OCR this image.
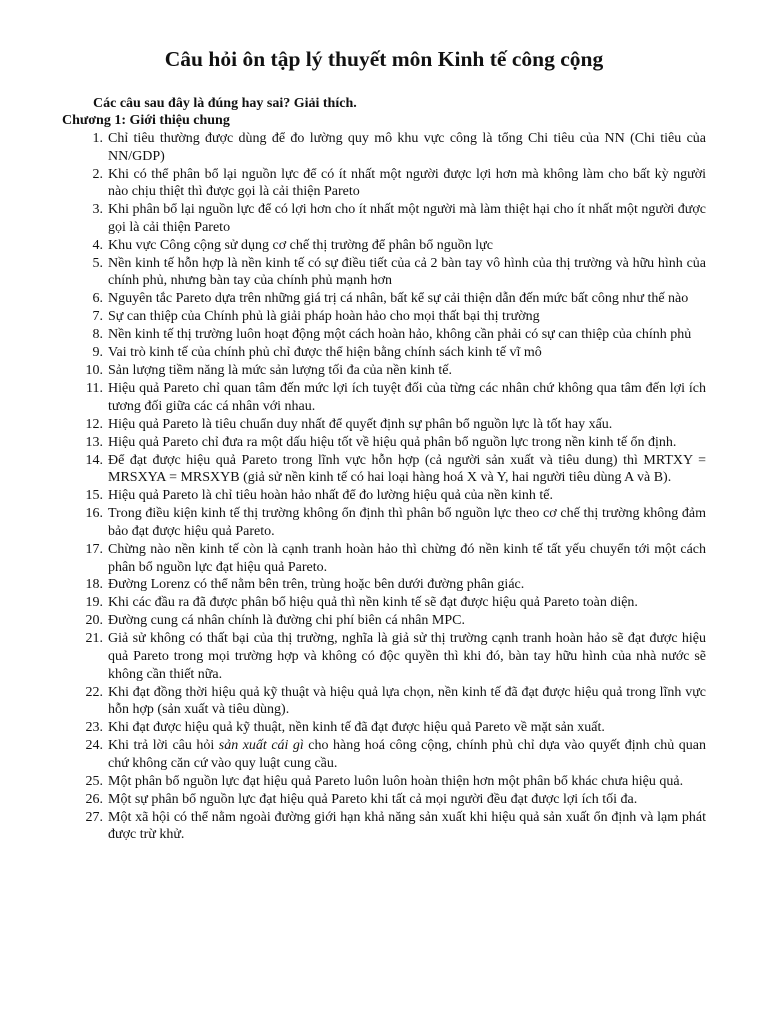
Câu hỏi ôn tập lý thuyết môn Kinh tế công cộng
Các câu sau đây là đúng hay sai? Giải thích.
Chương 1: Giới thiệu chung
1. Chỉ tiêu thường được dùng để đo lường quy mô khu vực công là tổng Chi tiêu của NN (Chi tiêu của NN/GDP)
2. Khi có thể phân bổ lại nguồn lực để có ít nhất một người được lợi hơn mà không làm cho bất kỳ người nào chịu thiệt thì được gọi là cải thiện Pareto
3. Khi phân bổ lại nguồn lực để có lợi hơn cho ít nhất một người mà làm thiệt hại cho ít nhất một người được gọi là cải thiện Pareto
4. Khu vực Công cộng sử dụng cơ chế thị trường để phân bổ nguồn lực
5. Nền kinh tế hỗn hợp là nền kinh tế có sự điều tiết của cả 2 bàn tay vô hình của thị trường và hữu hình của chính phủ, nhưng bàn tay của chính phủ mạnh hơn
6. Nguyên tắc Pareto dựa trên những giá trị cá nhân, bất kể sự cải thiện dẫn đến mức bất công như thế nào
7. Sự can thiệp của Chính phủ là giải pháp hoàn hảo cho mọi thất bại thị trường
8. Nền kinh tế thị trường luôn hoạt động một cách hoàn hảo, không cần phải có sự can thiệp của chính phủ
9. Vai trò kinh tế của chính phủ chỉ được thể hiện bằng chính sách kinh tế vĩ mô
10. Sản lượng tiềm năng là mức sản lượng tối đa của nền kinh tế.
11. Hiệu quả Pareto chỉ quan tâm đến mức lợi ích tuyệt đối của từng các nhân chứ không qua tâm đến lợi ích tương đối giữa các cá nhân với nhau.
12. Hiệu quả Pareto là tiêu chuẩn duy nhất để quyết định sự phân bổ nguồn lực là tốt hay xấu.
13. Hiệu quả Pareto chỉ đưa ra một dấu hiệu tốt về hiệu quả phân bổ nguồn lực trong nền kinh tế ổn định.
14. Để đạt được hiệu quả Pareto trong lĩnh vực hỗn hợp (cả người sản xuất và tiêu dung) thì MRTXY = MRSXYA = MRSXYB (giả sử nền kinh tế có hai loại hàng hoá X và Y, hai người tiêu dùng A và B).
15. Hiệu quả Pareto là chỉ tiêu hoàn hảo nhất để đo lường hiệu quả của nền kinh tế.
16. Trong điều kiện kinh tế thị trường không ổn định thì phân bổ nguồn lực theo cơ chế thị trường không đảm bảo đạt được hiệu quả Pareto.
17. Chừng nào nền kinh tế còn là cạnh tranh hoàn hảo thì chừng đó nền kinh tế tất yếu chuyển tới một cách phân bổ nguồn lực đạt hiệu quả Pareto.
18. Đường Lorenz có thể nằm bên trên, trùng hoặc bên dưới đường phân giác.
19. Khi các đầu ra đã được phân bổ hiệu quả thì nền kinh tế sẽ đạt được hiệu quả Pareto toàn diện.
20. Đường cung cá nhân chính là đường chi phí biên cá nhân MPC.
21. Giả sử không có thất bại của thị trường, nghĩa là giả sử thị trường cạnh tranh hoàn hảo sẽ đạt được hiệu quả Pareto trong mọi trường hợp và không có độc quyền thì khi đó, bàn tay hữu hình của nhà nước sẽ không cần thiết nữa.
22. Khi đạt đồng thời hiệu quả kỹ thuật và hiệu quả lựa chọn, nền kinh tế đã đạt được hiệu quả trong lĩnh vực hỗn hợp (sản xuất và tiêu dùng).
23. Khi đạt được hiệu quả kỹ thuật, nền kinh tế đã đạt được hiệu quả Pareto về mặt sản xuất.
24. Khi trả lời câu hỏi sản xuất cái gì cho hàng hoá công cộng, chính phủ chỉ dựa vào quyết định chủ quan chứ không căn cứ vào quy luật cung cầu.
25. Một phân bổ nguồn lực đạt hiệu quả Pareto luôn luôn hoàn thiện hơn một phân bổ khác chưa hiệu quả.
26. Một sự phân bổ nguồn lực đạt hiệu quả Pareto khi tất cả mọi người đều đạt được lợi ích tối đa.
27. Một xã hội có thể nằm ngoài đường giới hạn khả năng sản xuất khi hiệu quả sản xuất ổn định và lạm phát được trừ khử.
